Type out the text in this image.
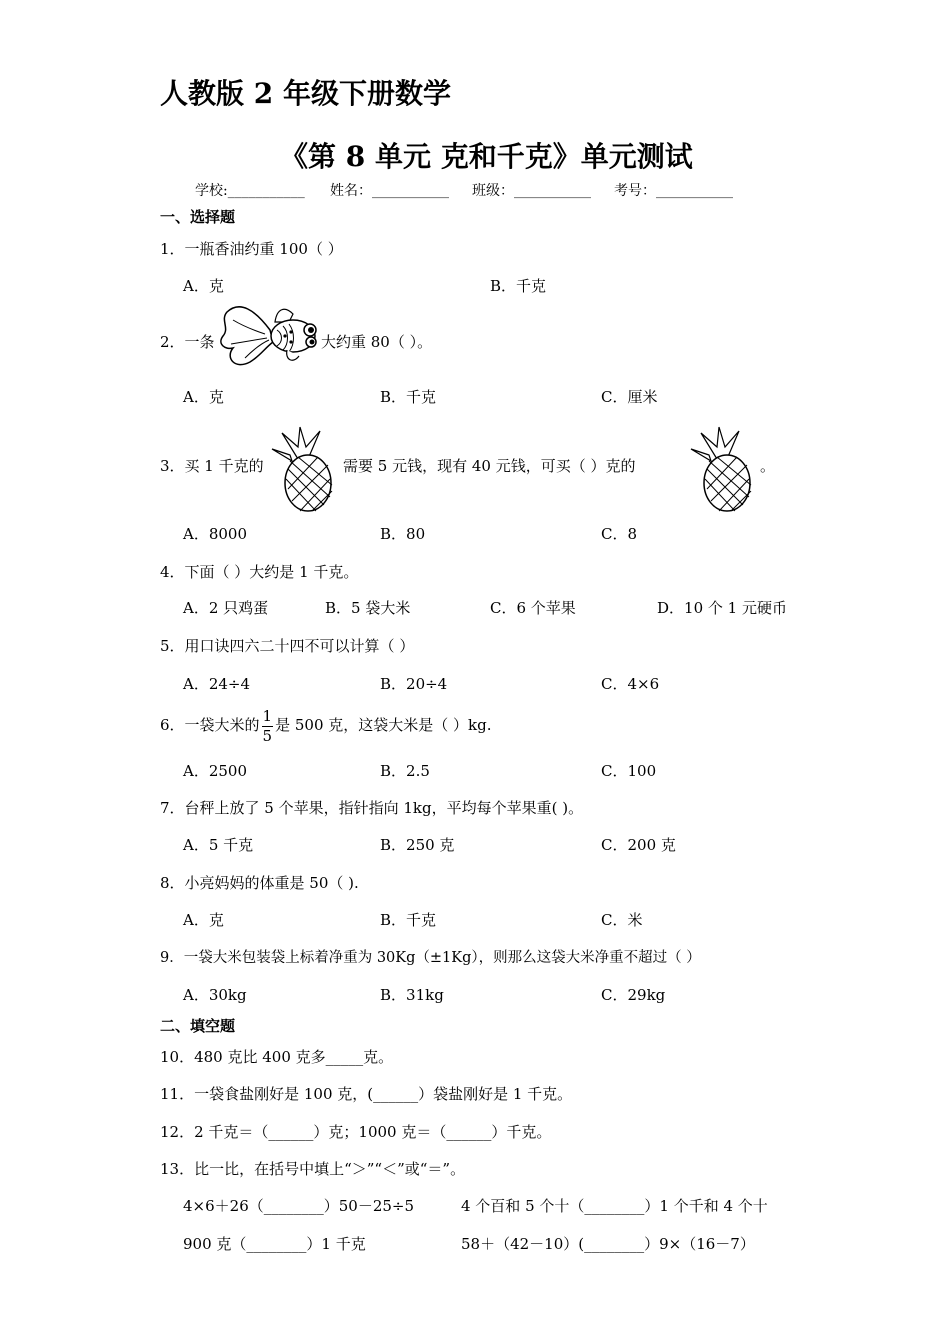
人教版 2 年级下册数学
《第 8 单元 克和千克》单元测试
学校:___________ 姓名：___________ 班级：___________ 考号：___________
一、选择题
1．一瓶香油约重 100（ ）
A．克	B．千克
2．一条	大约重 80（ ）。
A．克	B．千克	C．厘米
3．买 1 千克的	需要 5 元钱，现有 40 元钱，可买（ ）克的	。
A．8000	B．80	C．8
4．下面（ ）大约是 1 千克。
A．2 只鸡蛋	B．5 袋大米	C．6 个苹果	D．10 个 1 元硬币
5．用口诀四六二十四不可以计算（ ）
A．24÷4	B．20÷4	C．4×6
6．一袋大米的 $\frac{1}{5}$ 是 500 克，这袋大米是（ ）kg.
A．2500	B．2.5	C．100
7．台秤上放了 5 个苹果，指针指向 1kg，平均每个苹果重( )。
A．5 千克	B．250 克	C．200 克
8．小亮妈妈的体重是 50（ ).
A．克	B．千克	C．米
9．一袋大米包装袋上标着净重为 30Kg（±1Kg），则那么这袋大米净重不超过（ ）
A．30kg	B．31kg	C．29kg
二、填空题
10．480 克比 400 克多_____克。
11．一袋食盐刚好是 100 克，(______）袋盐刚好是 1 千克。
12．2 千克＝（______）克；1000 克＝（______）千克。
13．比一比，在括号中填上“＞”“＜”或“＝”。
4×6＋26（________）50－25÷5	4 个百和 5 个十（________）1 个千和 4 个十
900 克（________）1 千克	58＋（42－10）(________）9×（16－7）
